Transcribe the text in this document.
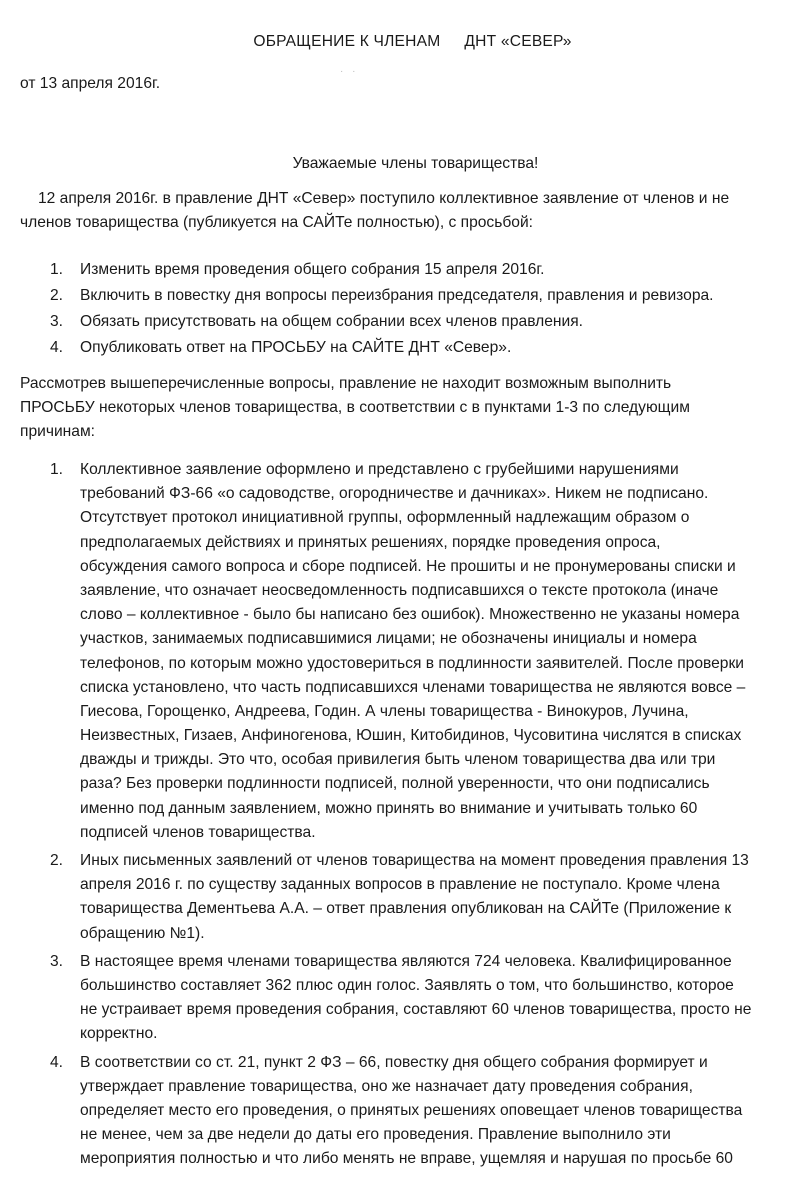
ОБРАЩЕНИЕ К ЧЛЕНАМ ДНТ «СЕВЕР»
· ·
от 13 апреля 2016г.
Уважаемые члены товарищества!
12 апреля 2016г. в правление ДНТ «Север» поступило коллективное заявление от членов и не членов товарищества (публикуется на САЙТе полностью), с просьбой:
1. Изменить время проведения общего собрания 15 апреля 2016г.
2. Включить в повестку дня вопросы переизбрания председателя, правления и ревизора.
3. Обязать присутствовать на общем собрании всех членов правления.
4. Опубликовать ответ на ПРОСЬБУ на САЙТЕ ДНТ «Север».
Рассмотрев вышеперечисленные вопросы, правление не находит возможным выполнить ПРОСЬБУ некоторых членов товарищества, в соответствии с в пунктами 1-3 по следующим причинам:
1. Коллективное заявление оформлено и представлено с грубейшими нарушениями
требований ФЗ-66 «о садоводстве, огородничестве и дачниках». Никем не подписано.
Отсутствует протокол инициативной группы, оформленный надлежащим образом о
предполагаемых действиях и принятых решениях, порядке проведения опроса,
обсуждения самого вопроса и сборе подписей. Не прошиты и не пронумерованы списки и
заявление, что означает неосведомленность подписавшихся о тексте протокола (иначе
слово – коллективное - было бы написано без ошибок). Множественно не указаны номера
участков, занимаемых подписавшимися лицами; не обозначены инициалы и номера
телефонов, по которым можно удостовериться в подлинности заявителей. После проверки
списка установлено, что часть подписавшихся членами товарищества не являются вовсе –
Гиесова, Горощенко, Андреева, Годин. А члены товарищества - Винокуров, Лучина,
Неизвестных, Гизаев, Анфиногенова, Юшин, Китобидинов, Чусовитина числятся в списках
дважды и трижды. Это что, особая привилегия быть членом товарищества два или три
раза? Без проверки подлинности подписей, полной уверенности, что они подписались
именно под данным заявлением, можно принять во внимание и учитывать только 60
подписей членов товарищества.
2. Иных письменных заявлений от членов товарищества на момент проведения правления 13
апреля 2016 г. по существу заданных вопросов в правление не поступало. Кроме члена
товарищества Дементьева А.А. – ответ правления опубликован на САЙТе (Приложение к
обращению №1).
3. В настоящее время членами товарищества являются 724 человека. Квалифицированное
большинство составляет 362 плюс один голос. Заявлять о том, что большинство, которое
не устраивает время проведения собрания, составляют 60 членов товарищества, просто не
корректно.
4. В соответствии со ст. 21, пункт 2 ФЗ – 66, повестку дня общего собрания формирует и
утверждает правление товарищества, оно же назначает дату проведения собрания,
определяет место его проведения, о принятых решениях оповещает членов товарищества
не менее, чем за две недели до даты его проведения. Правление выполнило эти
мероприятия полностью и что либо менять не вправе, ущемляя и нарушая по просьбе 60
